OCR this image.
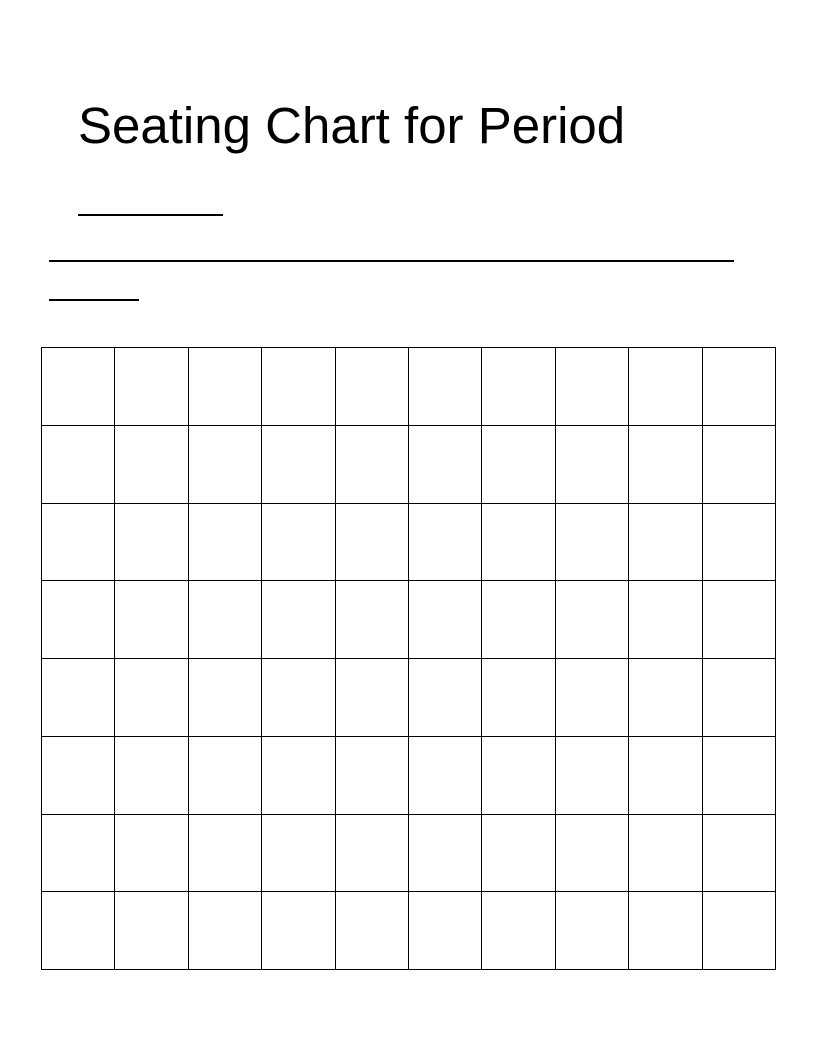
Seating Chart for Period
